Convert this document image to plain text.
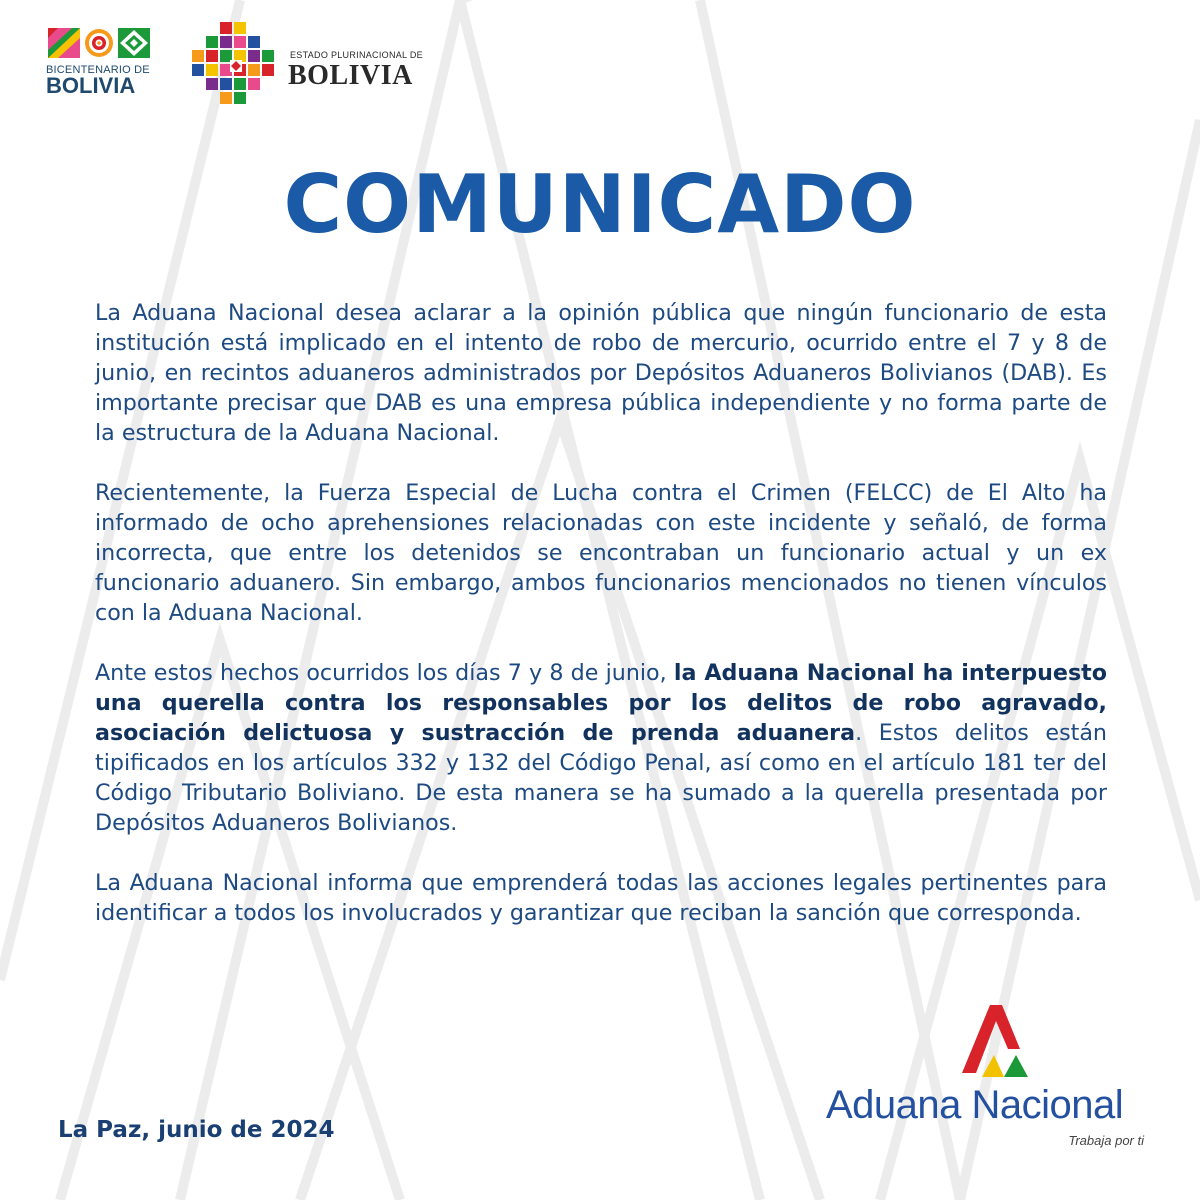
BICENTENARIO DE
BOLIVIA
ESTADO PLURINACIONAL DE
BOLIVIA
COMUNICADO

La Aduana Nacional desea aclarar a la opinión pública que ningún funcionario de esta institución está implicado en el intento de robo de mercurio, ocurrido entre el 7 y 8 de junio, en recintos aduaneros administrados por Depósitos Aduaneros Bolivianos (DAB). Es importante precisar que DAB es una empresa pública independiente y no forma parte de la estructura de la Aduana Nacional.

Recientemente, la Fuerza Especial de Lucha contra el Crimen (FELCC) de El Alto ha informado de ocho aprehensiones relacionadas con este incidente y señaló, de forma incorrecta, que entre los detenidos se encontraban un funcionario actual y un ex funcionario aduanero. Sin embargo, ambos funcionarios mencionados no tienen vínculos con la Aduana Nacional.

Ante estos hechos ocurridos los días 7 y 8 de junio, la Aduana Nacional ha interpuesto una querella contra los responsables por los delitos de robo agravado, asociación delictuosa y sustracción de prenda aduanera. Estos delitos están tipificados en los artículos 332 y 132 del Código Penal, así como en el artículo 181 ter del Código Tributario Boliviano. De esta manera se ha sumado a la querella presentada por Depósitos Aduaneros Bolivianos.

La Aduana Nacional informa que emprenderá todas las acciones legales pertinentes para identificar a todos los involucrados y garantizar que reciban la sanción que corresponda.

La Paz, junio de 2024
Aduana Nacional
Trabaja por ti
